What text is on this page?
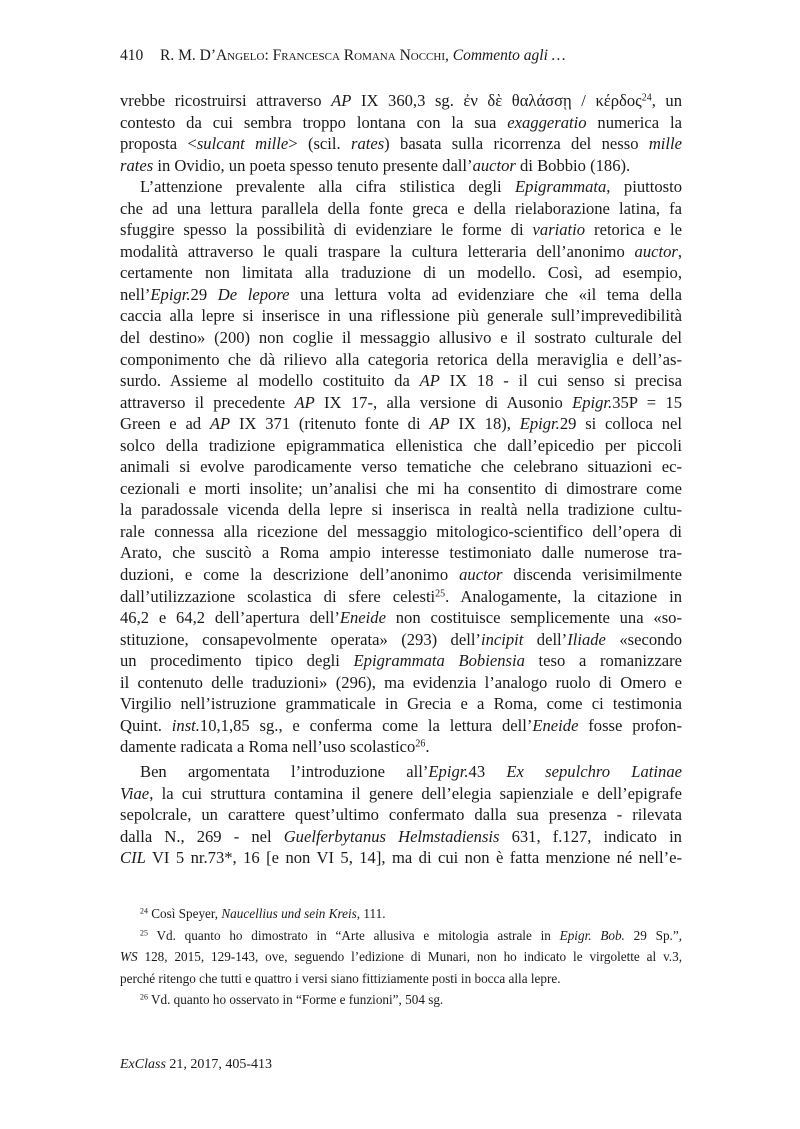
410 R. M. D’Angelo: Francesca Romana Nocchi, Commento agli …
vrebbe ricostruirsi attraverso AP IX 360,3 sg. ἐν δὲ θαλάσσῃ / κέρδος$^{24}$, un
contesto da cui sembra troppo lontana con la sua exaggeratio numerica la
proposta <sulcant mille> (scil. rates) basata sulla ricorrenza del nesso mille
rates in Ovidio, un poeta spesso tenuto presente dall’auctor di Bobbio (186).
L’attenzione prevalente alla cifra stilistica degli Epigrammata, piuttosto
che ad una lettura parallela della fonte greca e della rielaborazione latina, fa
sfuggire spesso la possibilità di evidenziare le forme di variatio retorica e le
modalità attraverso le quali traspare la cultura letteraria dell’anonimo auctor,
certamente non limitata alla traduzione di un modello. Così, ad esempio,
nell’Epigr.29 De lepore una lettura volta ad evidenziare che «il tema della
caccia alla lepre si inserisce in una riflessione più generale sull’imprevedibilità
del destino» (200) non coglie il messaggio allusivo e il sostrato culturale del
componimento che dà rilievo alla categoria retorica della meraviglia e dell’as-
surdo. Assieme al modello costituito da AP IX 18 - il cui senso si precisa
attraverso il precedente AP IX 17-, alla versione di Ausonio Epigr.35P = 15
Green e ad AP IX 371 (ritenuto fonte di AP IX 18), Epigr.29 si colloca nel
solco della tradizione epigrammatica ellenistica che dall’epicedio per piccoli
animali si evolve parodicamente verso tematiche che celebrano situazioni ec-
cezionali e morti insolite; un’analisi che mi ha consentito di dimostrare come
la paradossale vicenda della lepre si inserisca in realtà nella tradizione cultu-
rale connessa alla ricezione del messaggio mitologico-scientifico dell’opera di
Arato, che suscitò a Roma ampio interesse testimoniato dalle numerose tra-
duzioni, e come la descrizione dell’anonimo auctor discenda verisimilmente
dall’utilizzazione scolastica di sfere celesti$^{25}$. Analogamente, la citazione in
46,2 e 64,2 dell’apertura dell’Eneide non costituisce semplicemente una «so-
stituzione, consapevolmente operata» (293) dell’incipit dell’Iliade «secondo
un procedimento tipico degli Epigrammata Bobiensia teso a romanizzare
il contenuto delle traduzioni» (296), ma evidenzia l’analogo ruolo di Omero e
Virgilio nell’istruzione grammaticale in Grecia e a Roma, come ci testimonia
Quint. inst.10,1,85 sg., e conferma come la lettura dell’Eneide fosse profon-
damente radicata a Roma nell’uso scolastico$^{26}$.
Ben argomentata l’introduzione all’Epigr.43 Ex sepulchro Latinae
Viae, la cui struttura contamina il genere dell’elegia sapienziale e dell’epigrafe
sepolcrale, un carattere quest’ultimo confermato dalla sua presenza - rilevata
dalla N., 269 - nel Guelferbytanus Helmstadiensis 631, f.127, indicato in
CIL VI 5 nr.73*, 16 [e non VI 5, 14], ma di cui non è fatta menzione né nell’e-
$^{24}$ Così Speyer, Naucellius und sein Kreis, 111.
$^{25}$ Vd. quanto ho dimostrato in “Arte allusiva e mitologia astrale in Epigr. Bob. 29 Sp.”,
WS 128, 2015, 129-143, ove, seguendo l’edizione di Munari, non ho indicato le virgolette al v.3,
perché ritengo che tutti e quattro i versi siano fittiziamente posti in bocca alla lepre.
$^{26}$ Vd. quanto ho osservato in “Forme e funzioni”, 504 sg.
ExClass 21, 2017, 405-413
